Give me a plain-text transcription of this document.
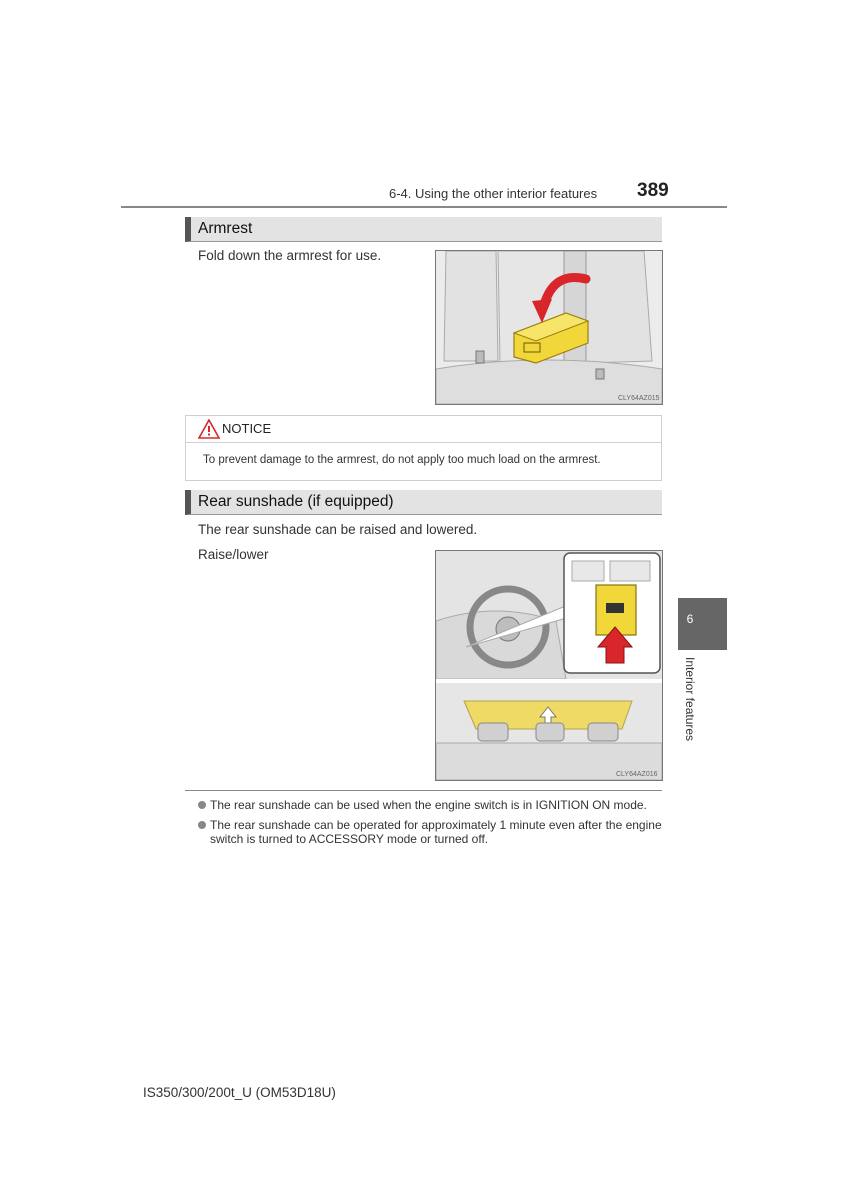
6-4. Using the other interior features 389
Armrest
Fold down the armrest for use.
CLY64AZ015
NOTICE
To prevent damage to the armrest, do not apply too much load on the armrest.
Rear sunshade (if equipped)
The rear sunshade can be raised and lowered.
Raise/lower
CLY64AZ016
The rear sunshade can be used when the engine switch is in IGNITION ON mode.
The rear sunshade can be operated for approximately 1 minute even after the engine switch is turned to ACCESSORY mode or turned off.
6
Interior features
IS350/300/200t_U (OM53D18U)
